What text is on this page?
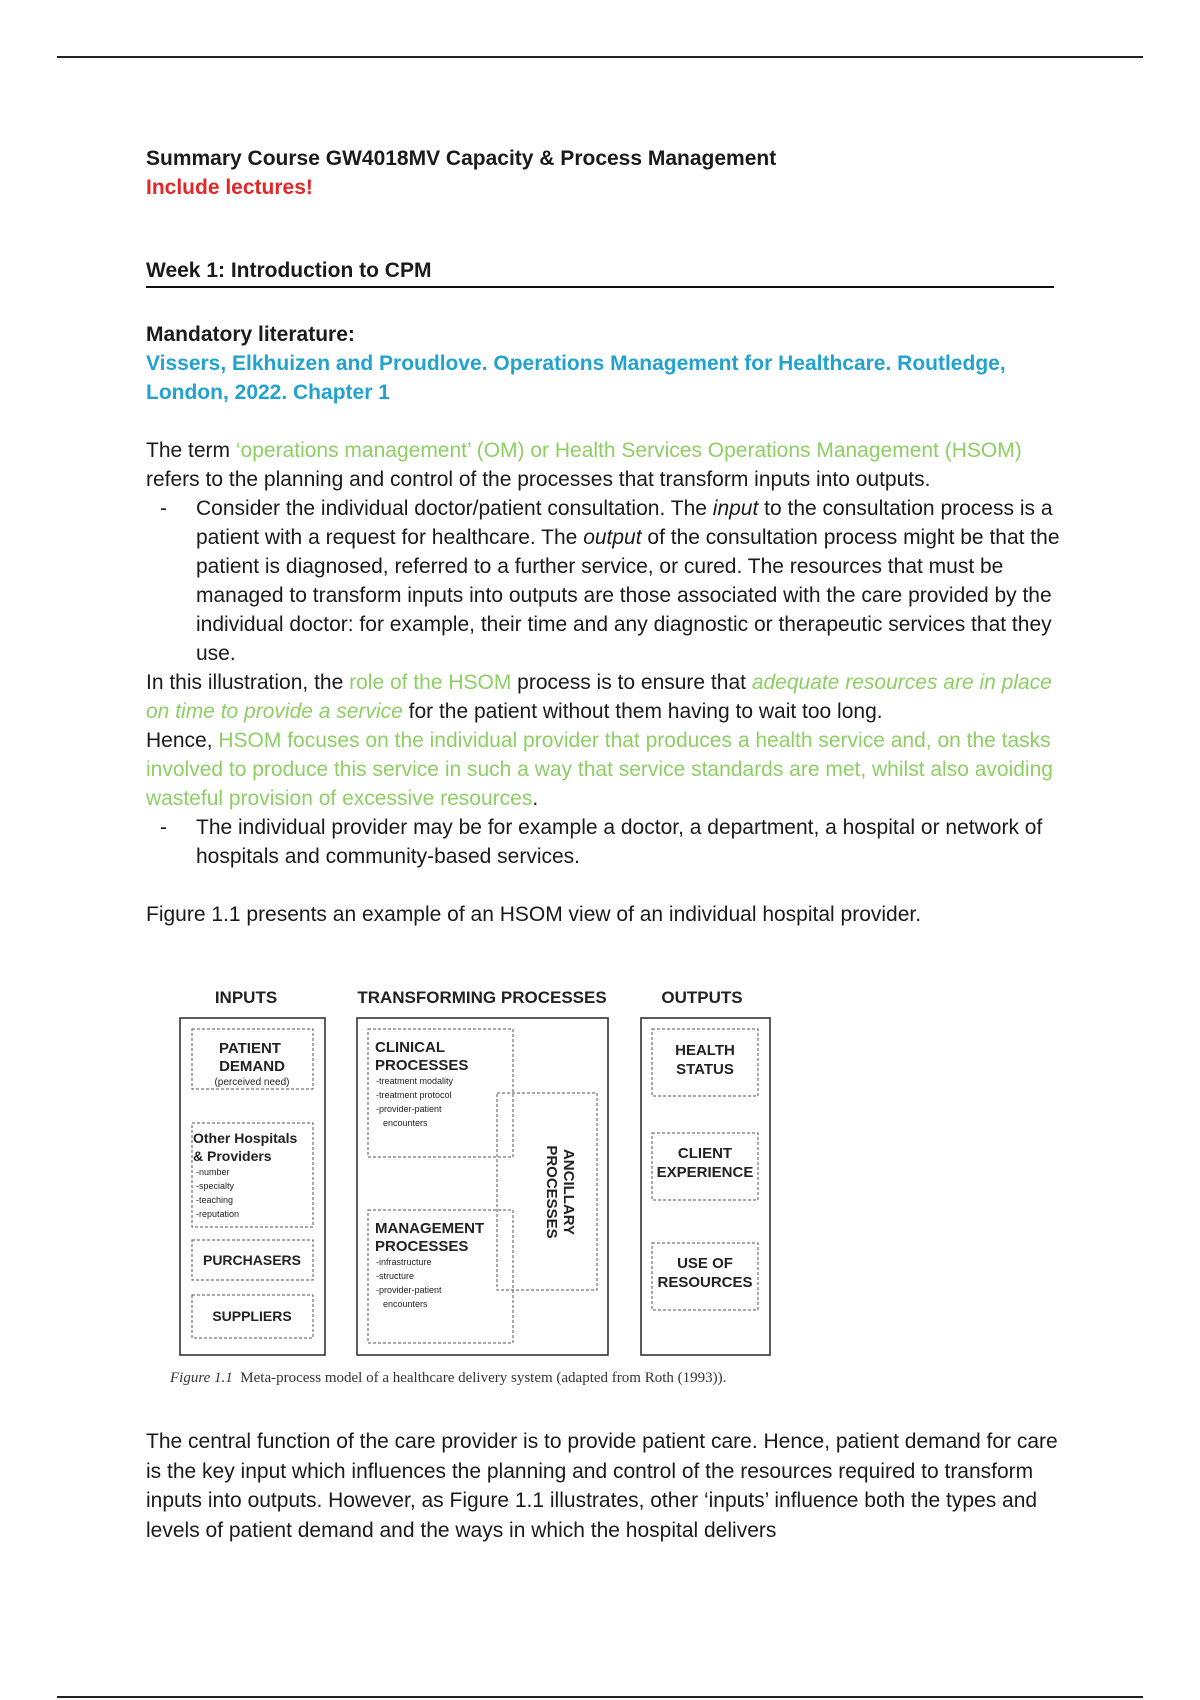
Summary Course GW4018MV Capacity & Process Management

Include lectures!

Week 1: Introduction to CPM

Mandatory literature:

Vissers, Elkhuizen and Proudlove. Operations Management for Healthcare. Routledge, London, 2022. Chapter 1

The term ‘operations management’ (OM) or Health Services Operations Management (HSOM) refers to the planning and control of the processes that transform inputs into outputs.

- Consider the individual doctor/patient consultation. The input to the consultation process is a patient with a request for healthcare. The output of the consultation process might be that the patient is diagnosed, referred to a further service, or cured. The resources that must be managed to transform inputs into outputs are those associated with the care provided by the individual doctor: for example, their time and any diagnostic or therapeutic services that they use.

In this illustration, the role of the HSOM process is to ensure that adequate resources are in place on time to provide a service for the patient without them having to wait too long.

Hence, HSOM focuses on the individual provider that produces a health service and, on the tasks involved to produce this service in such a way that service standards are met, whilst also avoiding wasteful provision of excessive resources.

- The individual provider may be for example a doctor, a department, a hospital or network of hospitals and community-based services.

Figure 1.1 presents an example of an HSOM view of an individual hospital provider.

INPUTS	TRANSFORMING PROCESSES	OUTPUTS
PATIENT
DEMAND
(perceived need)
Other Hospitals
& Providers
-number
-specialty
-teaching
-reputation
PURCHASERS
SUPPLIERS
CLINICAL
PROCESSES
-treatment modality
-treatment protocol
-provider-patient
encounters
ANCILLARY
PROCESSES
MANAGEMENT
PROCESSES
-infrastructure
-structure
-provider-patient
encounters
HEALTH
STATUS
CLIENT
EXPERIENCE
USE OF
RESOURCES
Figure 1.1 Meta-process model of a healthcare delivery system (adapted from Roth (1993)).

The central function of the care provider is to provide patient care. Hence, patient demand for care is the key input which influences the planning and control of the resources required to transform inputs into outputs. However, as Figure 1.1 illustrates, other ‘inputs’ influence both the types and levels of patient demand and the ways in which the hospital delivers
